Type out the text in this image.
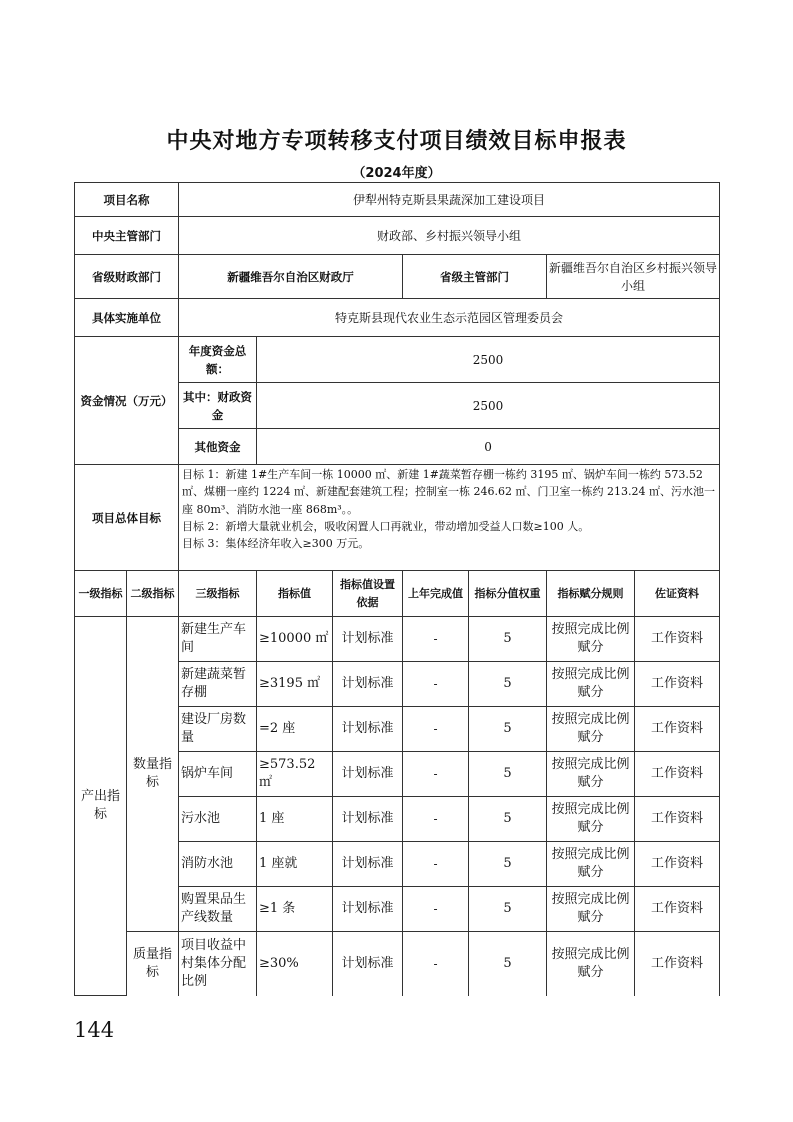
中央对地方专项转移支付项目绩效目标申报表
（2024年度）
项目名称		伊犁州特克斯县果蔬深加工建设项目						
中央主管部门		财政部、乡村振兴领导小组						
省级财政部门		新疆维吾尔自治区财政厅			省级主管部门		新疆维吾尔自治区乡村振兴领导小组	
具体实施单位		特克斯县现代农业生态示范园区管理委员会						
资金情况（万元）		年度资金总额：	2500					
		其中：财政资金	2500					
		其他资金	0					
项目总体目标		目标 1：新建 1#生产车间一栋 10000 ㎡、新建 1#蔬菜暂存棚一栋约 3195 ㎡、锅炉车间一栋约 573.52 ㎡、煤棚一座约 1224 ㎡、新建配套建筑工程；控制室一栋 246.62 ㎡、门卫室一栋约 213.24 ㎡、污水池一座 80m³、消防水池一座 868m³。。
目标 2：新增大量就业机会，吸收闲置人口再就业，带动增加受益人口数≥100 人。
目标 3：集体经济年收入≥300 万元。						

一级指标	二级指标	三级指标	指标值	指标值设置依据	上年完成值	指标分值权重	指标赋分规则	佐证资料
产出指标	数量指标	新建生产车间	≥10000 ㎡	计划标准	-	5	按照完成比例赋分	工作资料
		新建蔬菜暂存棚	≥3195 ㎡	计划标准	-	5	按照完成比例赋分	工作资料
		建设厂房数量	=2 座	计划标准	-	5	按照完成比例赋分	工作资料
		锅炉车间	≥573.52 ㎡	计划标准	-	5	按照完成比例赋分	工作资料
		污水池	1 座	计划标准	-	5	按照完成比例赋分	工作资料
		消防水池	1 座就	计划标准	-	5	按照完成比例赋分	工作资料
		购置果品生产线数量	≥1 条	计划标准	-	5	按照完成比例赋分	工作资料
	质量指标	项目收益中村集体分配比例	≥30%	计划标准	-	5	按照完成比例赋分	工作资料
144
